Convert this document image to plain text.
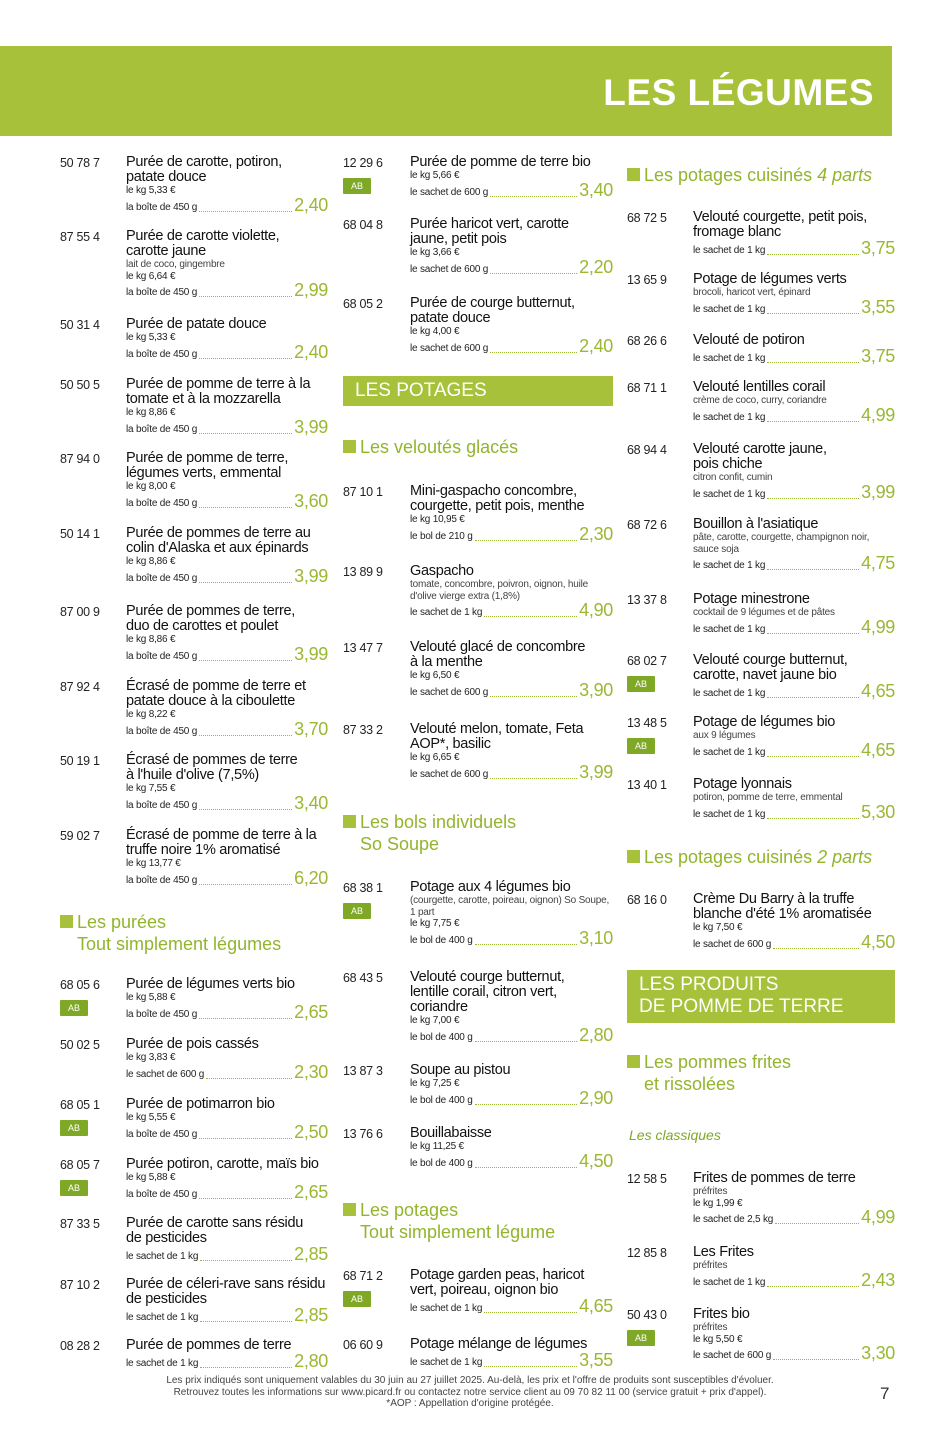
LES LÉGUMES
50 78 7 Purée de carotte, potiron, patate douce
le kg 5,33 €
la boîte de 450 g	2,40
87 55 4 Purée de carotte violette, carotte jaune
lait de coco, gingembre
le kg 6,64 €
la boîte de 450 g	2,99
50 31 4 Purée de patate douce
le kg 5,33 €
la boîte de 450 g	2,40
50 50 5 Purée de pomme de terre à la tomate et à la mozzarella
le kg 8,86 €
la boîte de 450 g	3,99
87 94 0 Purée de pomme de terre, légumes verts, emmental
le kg 8,00 €
la boîte de 450 g	3,60
50 14 1 Purée de pommes de terre au colin d'Alaska et aux épinards
le kg 8,86 €
la boîte de 450 g	3,99
87 00 9 Purée de pommes de terre, duo de carottes et poulet
le kg 8,86 €
la boîte de 450 g	3,99
87 92 4 Écrasé de pomme de terre et patate douce à la ciboulette
le kg 8,22 €
la boîte de 450 g	3,70
50 19 1 Écrasé de pommes de terre à l'huile d'olive (7,5%)
le kg 7,55 €
la boîte de 450 g	3,40
59 02 7 Écrasé de pomme de terre à la truffe noire 1% aromatisé
le kg 13,77 €
la boîte de 450 g	6,20
Les purées
Tout simplement légumes
68 05 6
AB
Purée de légumes verts bio
le kg 5,88 €
la boîte de 450 g	2,65
50 02 5 Purée de pois cassés
le kg 3,83 €
le sachet de 600 g	2,30
68 05 1
AB
Purée de potimarron bio
le kg 5,55 €
la boîte de 450 g	2,50
68 05 7
AB
Purée potiron, carotte, maïs bio
le kg 5,88 €
la boîte de 450 g	2,65
87 33 5 Purée de carotte sans résidu de pesticides
le sachet de 1 kg	2,85
87 10 2 Purée de céleri-rave sans résidu de pesticides
le sachet de 1 kg	2,85
08 28 2 Purée de pommes de terre
le sachet de 1 kg	2,80
12 29 6
AB
Purée de pomme de terre bio
le kg 5,66 €
le sachet de 600 g	3,40
68 04 8 Purée haricot vert, carotte jaune, petit pois
le kg 3,66 €
le sachet de 600 g	2,20
68 05 2 Purée de courge butternut, patate douce
le kg 4,00 €
le sachet de 600 g	2,40
LES POTAGES
Les veloutés glacés
87 10 1 Mini-gaspacho concombre, courgette, petit pois, menthe
le kg 10,95 €
le bol de 210 g	2,30
13 89 9 Gaspacho
tomate, concombre, poivron, oignon, huile d'olive vierge extra (1,8%)
le sachet de 1 kg	4,90
13 47 7 Velouté glacé de concombre à la menthe
le kg 6,50 €
le sachet de 600 g	3,90
87 33 2 Velouté melon, tomate, Feta AOP*, basilic
le kg 6,65 €
le sachet de 600 g	3,99
Les bols individuels
So Soupe
68 38 1
AB
Potage aux 4 légumes bio
(courgette, carotte, poireau, oignon) So Soupe, 1 part
le kg 7,75 €
le bol de 400 g	3,10
68 43 5 Velouté courge butternut, lentille corail, citron vert, coriandre
le kg 7,00 €
le bol de 400 g	2,80
13 87 3 Soupe au pistou
le kg 7,25 €
le bol de 400 g	2,90
13 76 6 Bouillabaisse
le kg 11,25 €
le bol de 400 g	4,50
Les potages
Tout simplement légume
68 71 2
AB
Potage garden peas, haricot vert, poireau, oignon bio
le sachet de 1 kg	4,65
06 60 9 Potage mélange de légumes
le sachet de 1 kg	3,55
Les potages cuisinés 4 parts
68 72 5 Velouté courgette, petit pois, fromage blanc
le sachet de 1 kg	3,75
13 65 9 Potage de légumes verts
brocoli, haricot vert, épinard
le sachet de 1 kg	3,55
68 26 6 Velouté de potiron
le sachet de 1 kg	3,75
68 71 1 Velouté lentilles corail
crème de coco, curry, coriandre
le sachet de 1 kg	4,99
68 94 4 Velouté carotte jaune, pois chiche
citron confit, cumin
le sachet de 1 kg	3,99
68 72 6 Bouillon à l'asiatique
pâte, carotte, courgette, champignon noir, sauce soja
le sachet de 1 kg	4,75
13 37 8 Potage minestrone
cocktail de 9 légumes et de pâtes
le sachet de 1 kg	4,99
68 02 7
AB
Velouté courge butternut, carotte, navet jaune bio
le sachet de 1 kg	4,65
13 48 5
AB
Potage de légumes bio
aux 9 légumes
le sachet de 1 kg	4,65
13 40 1 Potage lyonnais
potiron, pomme de terre, emmental
le sachet de 1 kg	5,30
Les potages cuisinés 2 parts
68 16 0 Crème Du Barry à la truffe blanche d'été 1% aromatisée
le kg 7,50 €
le sachet de 600 g	4,50
LES PRODUITS
DE POMME DE TERRE
Les pommes frites
et rissolées
Les classiques
12 58 5 Frites de pommes de terre
préfrites
le kg 1,99 €
le sachet de 2,5 kg	4,99
12 85 8 Les Frites
préfrites
le sachet de 1 kg	2,43
50 43 0
AB
Frites bio
préfrites
le kg 5,50 €
le sachet de 600 g	3,30
Les prix indiqués sont uniquement valables du 30 juin au 27 juillet 2025. Au-delà, les prix et l'offre de produits sont susceptibles d'évoluer.
Retrouvez toutes les informations sur www.picard.fr ou contactez notre service client au 09 70 82 11 00 (service gratuit + prix d'appel).
*AOP : Appellation d'origine protégée.
7
